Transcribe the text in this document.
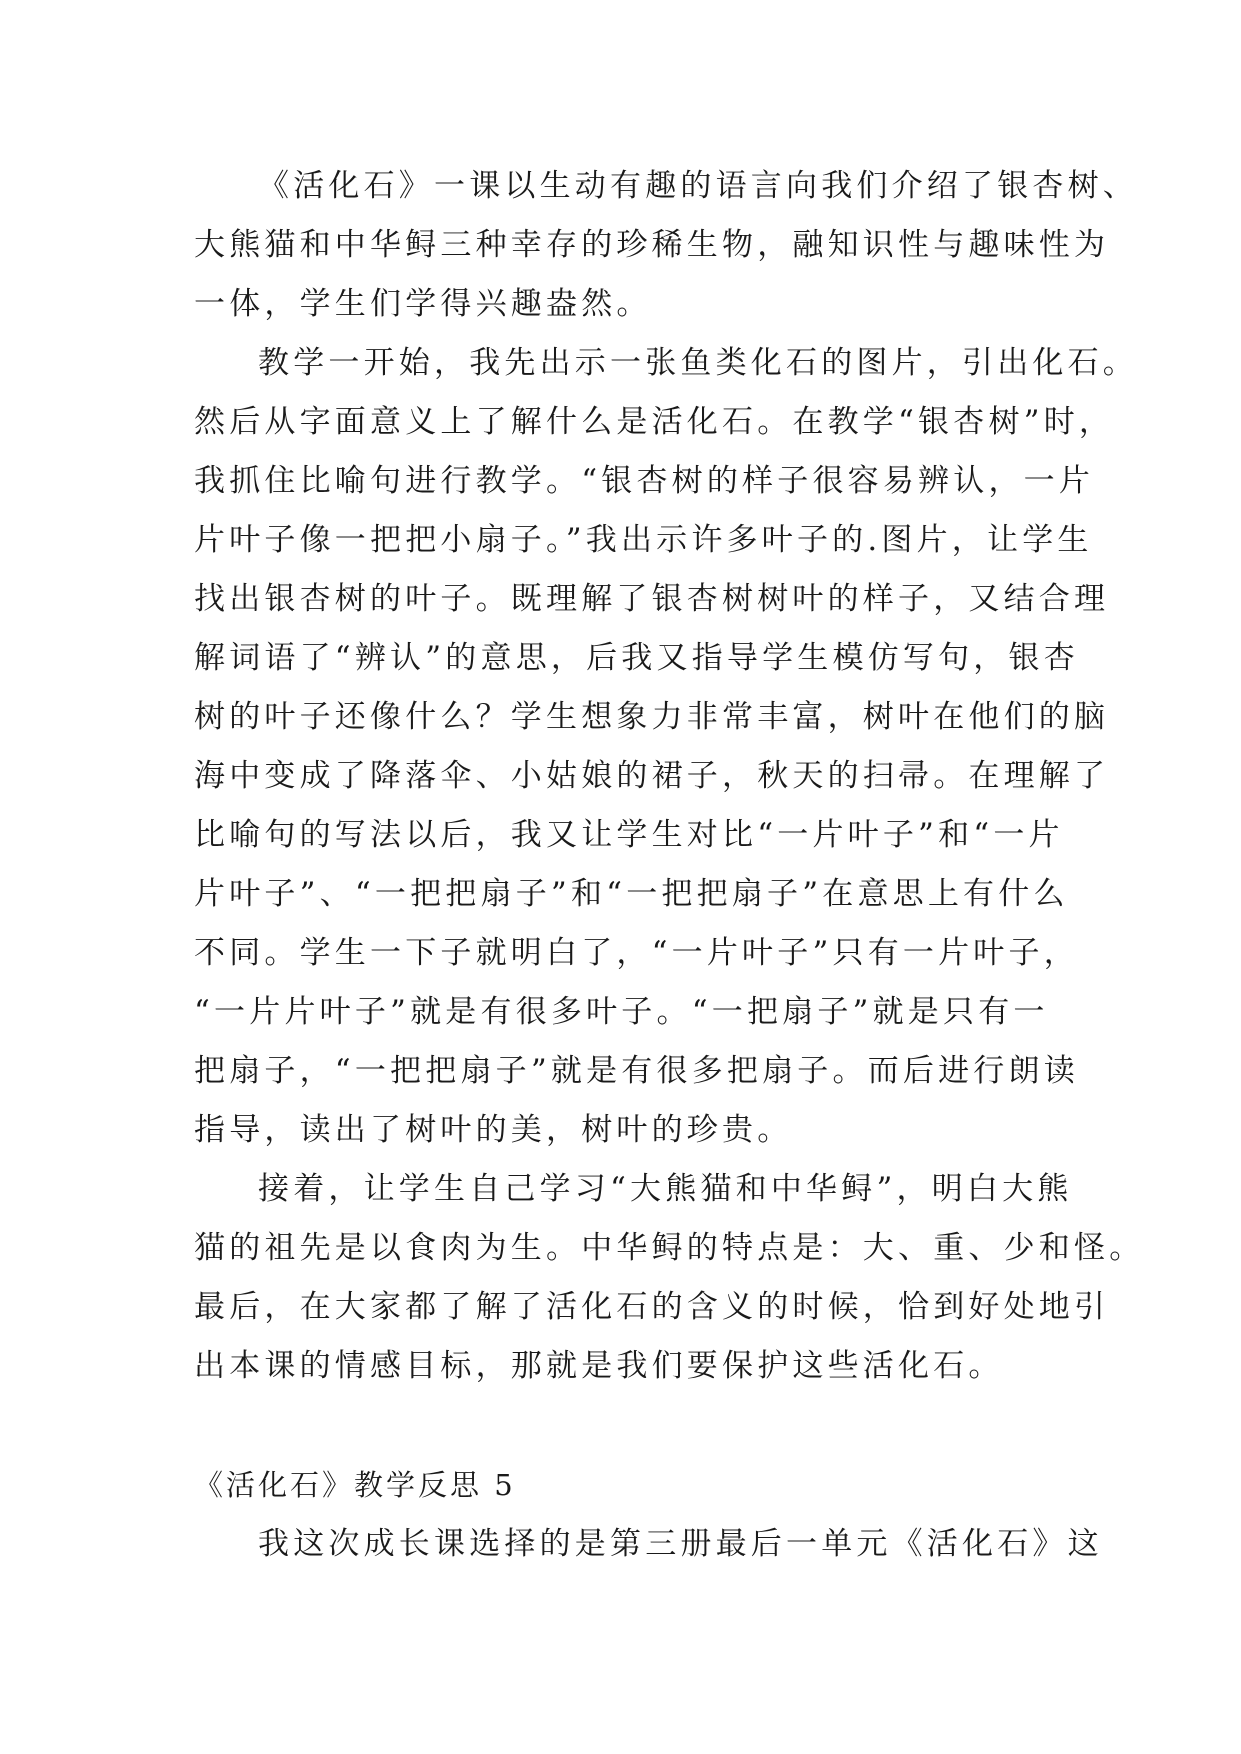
《活化石》一课以生动有趣的语言向我们介绍了银杏树、
大熊猫和中华鲟三种幸存的珍稀生物，融知识性与趣味性为
一体，学生们学得兴趣盎然。
教学一开始，我先出示一张鱼类化石的图片，引出化石。
然后从字面意义上了解什么是活化石。在教学“银杏树”时，
我抓住比喻句进行教学。“银杏树的样子很容易辨认，一片
片叶子像一把把小扇子。”我出示许多叶子的.图片，让学生
找出银杏树的叶子。既理解了银杏树树叶的样子，又结合理
解词语了“辨认”的意思，后我又指导学生模仿写句，银杏
树的叶子还像什么？学生想象力非常丰富，树叶在他们的脑
海中变成了降落伞、小姑娘的裙子，秋天的扫帚。在理解了
比喻句的写法以后，我又让学生对比“一片叶子”和“一片
片叶子”、“一把把扇子”和“一把把扇子”在意思上有什么
不同。学生一下子就明白了，“一片叶子”只有一片叶子，
“一片片叶子”就是有很多叶子。“一把扇子”就是只有一
把扇子，“一把把扇子”就是有很多把扇子。而后进行朗读
指导，读出了树叶的美，树叶的珍贵。
接着，让学生自己学习“大熊猫和中华鲟”，明白大熊
猫的祖先是以食肉为生。中华鲟的特点是：大、重、少和怪。
最后，在大家都了解了活化石的含义的时候，恰到好处地引
出本课的情感目标，那就是我们要保护这些活化石。
《活化石》教学反思 5
我这次成长课选择的是第三册最后一单元《活化石》这
